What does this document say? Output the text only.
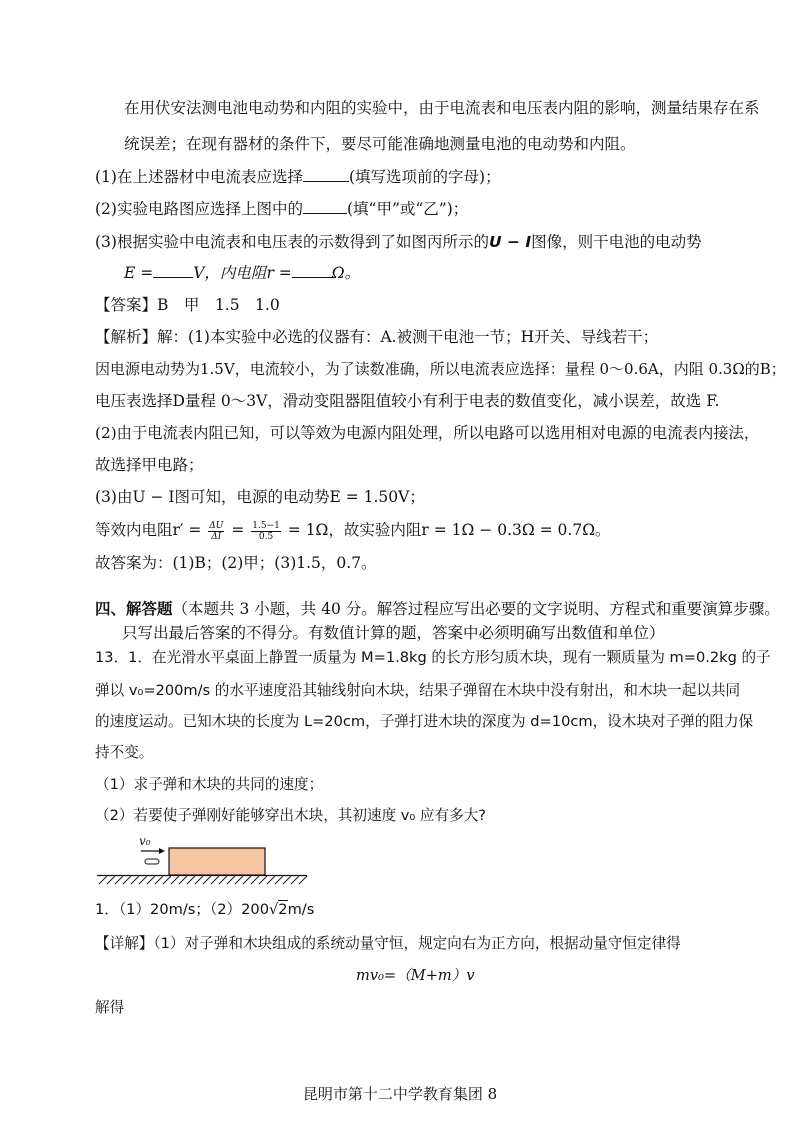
在用伏安法测电池电动势和内阻的实验中，由于电流表和电压表内阻的影响，测量结果存在系
统误差；在现有器材的条件下，要尽可能准确地测量电池的电动势和内阻。
(1)在上述器材中电流表应选择	(填写选项前的字母)；
(2)实验电路图应选择上图中的	(填“甲”或“乙”)；
(3)根据实验中电流表和电压表的示数得到了如图丙所示的U − I图像，则干电池的电动势
E =	V，内电阻r =	Ω。
【答案】B　甲　1.5　1.0
【解析】解：(1)本实验中必选的仪器有：A.被测干电池一节；H开关、导线若干；
因电源电动势为1.5V，电流较小，为了读数准确，所以电流表应选择：量程 0～0.6A，内阻 0.3Ω的B；
电压表选择D量程 0～3V，滑动变阻器阻值较小有利于电表的数值变化，减小误差，故选 F.
(2)由于电流表内阻已知，可以等效为电源内阻处理，所以电路可以选用相对电源的电流表内接法，
故选择甲电路；
(3)由U − I图可知，电源的电动势E = 1.50V；
等效内电阻$r' = \frac{\Delta U}{\Delta I} = \frac{1.5-1}{0.5} = 1\Omega$，故实验内阻r = 1Ω − 0.3Ω = 0.7Ω。
故答案为：(1)B；(2)甲；(3)1.5，0.7。
四、解答题（本题共 3 小题，共 40 分。解答过程应写出必要的文字说明、方程式和重要演算步骤。
只写出最后答案的不得分。有数值计算的题，答案中必须明确写出数值和单位）
13．1．在光滑水平桌面上静置一质量为 M=1.8kg 的长方形匀质木块，现有一颗质量为 m=0.2kg 的子
弹以 v₀=200m/s 的水平速度沿其轴线射向木块，结果子弹留在木块中没有射出，和木块一起以共同
的速度运动。已知木块的长度为 L=20cm，子弹打进木块的深度为 d=10cm，设木块对子弹的阻力保
持不变。
（1）求子弹和木块的共同的速度；
（2）若要使子弹刚好能够穿出木块，其初速度 v₀ 应有多大?
v₀
1．（1）20m/s；（2）200√2m/s
【详解】（1）对子弹和木块组成的系统动量守恒，规定向右为正方向，根据动量守恒定律得
mv₀=（M+m）v
解得
昆明市第十二中学教育集团 8
